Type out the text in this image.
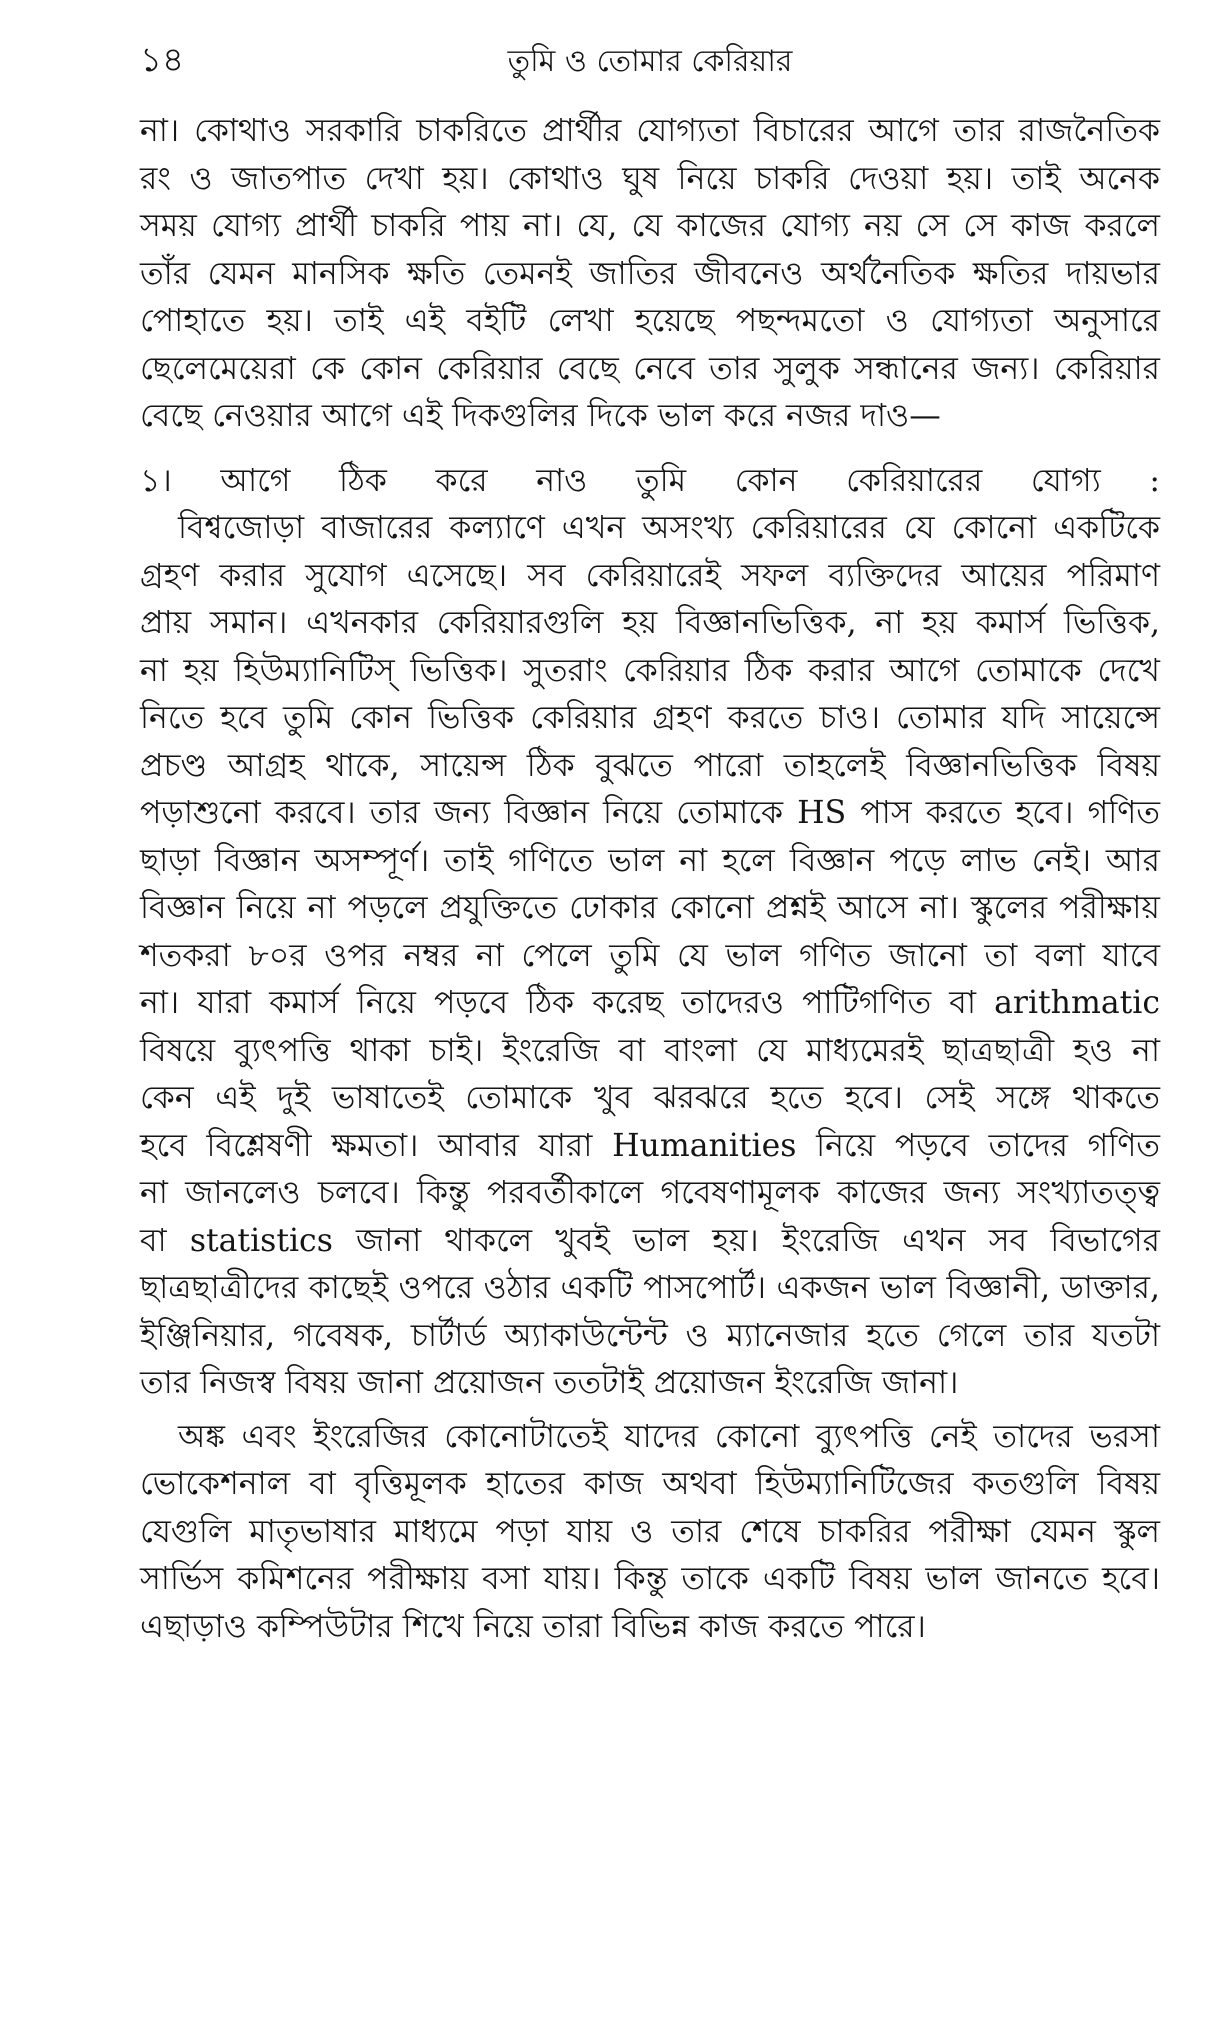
১৪	তুমি ও তোমার কেরিয়ার

না। কোথাও সরকারি চাকরিতে প্রার্থীর যোগ্যতা বিচারের আগে তার রাজনৈতিক
রং ও জাতপাত দেখা হয়। কোথাও ঘুষ নিয়ে চাকরি দেওয়া হয়। তাই অনেক
সময় যোগ্য প্রার্থী চাকরি পায় না। যে, যে কাজের যোগ্য নয় সে সে কাজ করলে
তাঁর যেমন মানসিক ক্ষতি তেমনই জাতির জীবনেও অর্থনৈতিক ক্ষতির দায়ভার
পোহাতে হয়। তাই এই বইটি লেখা হয়েছে পছন্দমতো ও যোগ্যতা অনুসারে
ছেলেমেয়েরা কে কোন কেরিয়ার বেছে নেবে তার সুলুক সন্ধানের জন্য। কেরিয়ার
বেছে নেওয়ার আগে এই দিকগুলির দিকে ভাল করে নজর দাও—

১। আগে ঠিক করে নাও তুমি কোন কেরিয়ারের যোগ্য :

বিশ্বজোড়া বাজারের কল্যাণে এখন অসংখ্য কেরিয়ারের যে কোনো একটিকে
গ্রহণ করার সুযোগ এসেছে। সব কেরিয়ারেই সফল ব্যক্তিদের আয়ের পরিমাণ
প্রায় সমান। এখনকার কেরিয়ারগুলি হয় বিজ্ঞানভিত্তিক, না হয় কমার্স ভিত্তিক,
না হয় হিউম্যানিটিস্ ভিত্তিক। সুতরাং কেরিয়ার ঠিক করার আগে তোমাকে দেখে
নিতে হবে তুমি কোন ভিত্তিক কেরিয়ার গ্রহণ করতে চাও। তোমার যদি সায়েন্সে
প্রচণ্ড আগ্রহ থাকে, সায়েন্স ঠিক বুঝতে পারো তাহলেই বিজ্ঞানভিত্তিক বিষয়
পড়াশুনো করবে। তার জন্য বিজ্ঞান নিয়ে তোমাকে HS পাস করতে হবে। গণিত
ছাড়া বিজ্ঞান অসম্পূর্ণ। তাই গণিতে ভাল না হলে বিজ্ঞান পড়ে লাভ নেই। আর
বিজ্ঞান নিয়ে না পড়লে প্রযুক্তিতে ঢোকার কোনো প্রশ্নই আসে না। স্কুলের পরীক্ষায়
শতকরা ৮০র ওপর নম্বর না পেলে তুমি যে ভাল গণিত জানো তা বলা যাবে
না। যারা কমার্স নিয়ে পড়বে ঠিক করেছ তাদেরও পাটিগণিত বা arithmatic
বিষয়ে ব্যুৎপত্তি থাকা চাই। ইংরেজি বা বাংলা যে মাধ্যমেরই ছাত্রছাত্রী হও না
কেন এই দুই ভাষাতেই তোমাকে খুব ঝরঝরে হতে হবে। সেই সঙ্গে থাকতে
হবে বিশ্লেষণী ক্ষমতা। আবার যারা Humanities নিয়ে পড়বে তাদের গণিত
না জানলেও চলবে। কিন্তু পরবর্তীকালে গবেষণামূলক কাজের জন্য সংখ্যাতত্ত্ব
বা statistics জানা থাকলে খুবই ভাল হয়। ইংরেজি এখন সব বিভাগের
ছাত্রছাত্রীদের কাছেই ওপরে ওঠার একটি পাসপোর্ট। একজন ভাল বিজ্ঞানী, ডাক্তার,
ইঞ্জিনিয়ার, গবেষক, চার্টার্ড অ্যাকাউন্টেন্ট ও ম্যানেজার হতে গেলে তার যতটা
তার নিজস্ব বিষয় জানা প্রয়োজন ততটাই প্রয়োজন ইংরেজি জানা।

অঙ্ক এবং ইংরেজির কোনোটাতেই যাদের কোনো ব্যুৎপত্তি নেই তাদের ভরসা
ভোকেশনাল বা বৃত্তিমূলক হাতের কাজ অথবা হিউম্যানিটিজের কতগুলি বিষয়
যেগুলি মাতৃভাষার মাধ্যমে পড়া যায় ও তার শেষে চাকরির পরীক্ষা যেমন স্কুল
সার্ভিস কমিশনের পরীক্ষায় বসা যায়। কিন্তু তাকে একটি বিষয় ভাল জানতে হবে।
এছাড়াও কম্পিউটার শিখে নিয়ে তারা বিভিন্ন কাজ করতে পারে।
